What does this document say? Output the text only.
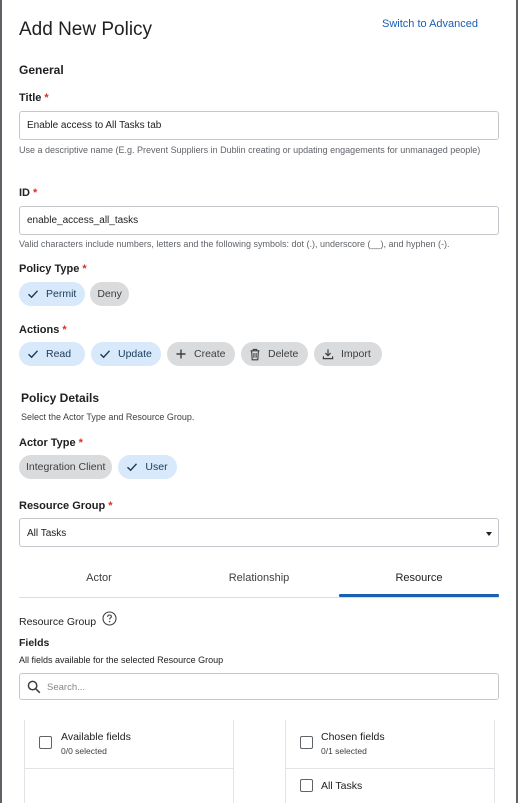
Add New Policy	Switch to Advanced
General
Title *
Enable access to All Tasks tab
Use a descriptive name (E.g. Prevent Suppliers in Dublin creating or updating engagements for unmanaged people)
ID *
enable_access_all_tasks
Valid characters include numbers, letters and the following symbols: dot (.), underscore (__), and hyphen (-).
Policy Type *
Permit Deny
Actions *
Read	Update	Create	Delete	Import
Policy Details
Select the Actor Type and Resource Group.
Actor Type *
Integration Client	User
Resource Group *
All Tasks
Actor	Relationship	Resource
Resource Group
Fields
All fields available for the selected Resource Group
Search...
Available fields
0/0 selected
Chosen fields
0/1 selected
All Tasks
